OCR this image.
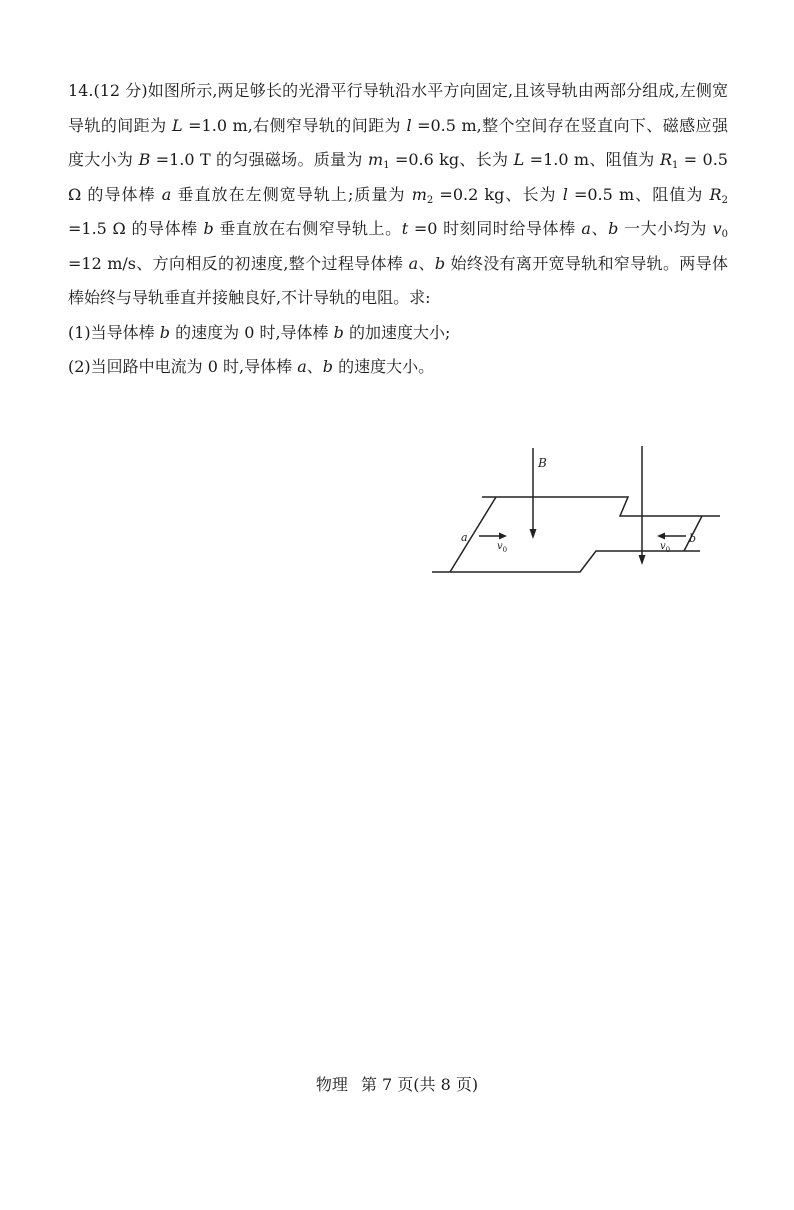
14.(12 分)如图所示,两足够长的光滑平行导轨沿水平方向固定,且该导轨由两部分组成,左侧宽导轨的间距为 L =1.0 m,右侧窄导轨的间距为 l =0.5 m,整个空间存在竖直向下、磁感应强度大小为 B =1.0 T 的匀强磁场。质量为 $m_1 =0.6$ kg、长为 L =1.0 m、阻值为 $R_1 = 0.5$ Ω 的导体棒 a 垂直放在左侧宽导轨上;质量为 $m_2 =0.2$ kg、长为 l =0.5 m、阻值为 $R_2 =1.5$ Ω 的导体棒 b 垂直放在右侧窄导轨上。t =0 时刻同时给导体棒 a、b 一大小均为 $v_0 =12$ m/s、方向相反的初速度,整个过程导体棒 a、b 始终没有离开宽导轨和窄导轨。两导体棒始终与导轨垂直并接触良好,不计导轨的电阻。求:

(1)当导体棒 b 的速度为 0 时,导体棒 b 的加速度大小;

(2)当回路中电流为 0 时,导体棒 a、b 的速度大小。

B
a	b
$v_0$	$v_0$
物理 第 7 页(共 8 页)
